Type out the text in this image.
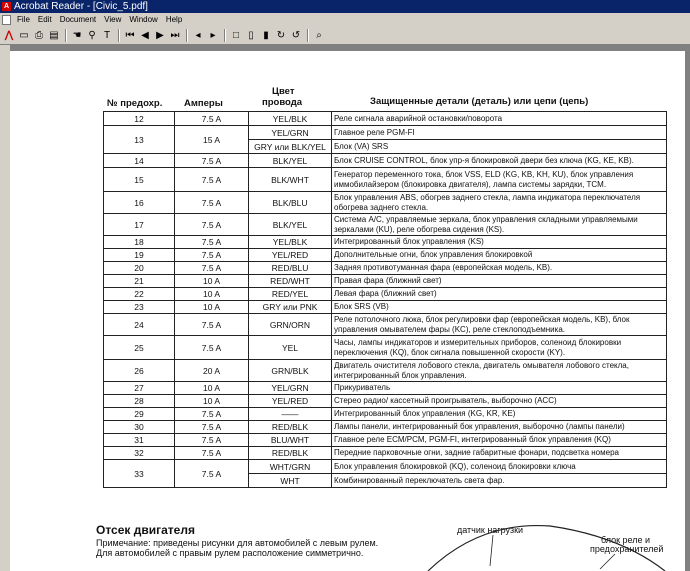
A Acrobat Reader - [Civic_5.pdf]
File	Edit	Document	View	Window	Help
⋀ ▭ ⎙ ▤ ☚ ⚲ T	⏮ ◀ ▶ ⏭	◂ ▸	□ ▯ ▮ ↻ ↺	⌕
№ предохр. Амперы
Цвет
провода	Защищенные детали (деталь) или цепи (цепь)
12	7.5 A	YEL/BLK	Реле сигнала аварийной остановки/поворота
13	15 A	YEL/GRN	Главное реле PGM-FI
		GRY или BLK/YEL	Блок (VA) SRS
14	7.5 A	BLK/YEL	Блок CRUISE CONTROL, блок упр-я блокировкой двери без ключа (KG, KE, KB).
15	7.5 A	BLK/WHT	Генератор переменного тока, блок VSS, ELD (KG, KB, KH, KU), блок управления иммобилайзером (блокировка двигателя), лампа системы зарядки, TCM.
16	7.5 A	BLK/BLU	Блок управления ABS, обогрев заднего стекла, лампа индикатора переключателя обогрева заднего стекла.
17	7.5 A	BLK/YEL	Система A/C, управляемые зеркала, блок управления складными управляемыми зеркалами (KU), реле обогрева сидения (KS).
18	7.5 A	YEL/BLK	Интегрированный блок управления (KS)
19	7.5 A	YEL/RED	Дополнительные огни, блок управления блокировкой
20	7.5 A	RED/BLU	Задняя противотуманная фара (европейская модель, KB).
21	10 A	RED/WHT	Правая фара (ближний свет)
22	10 A	RED/YEL	Левая фара (ближний свет)
23	10 A	GRY или PNK	Блок SRS (VB)
24	7.5 A	GRN/ORN	Реле потолочного люка, блок регулировки фар (европейская модель, KB), блок управления омывателем фары (KC), реле стеклоподъемника.
25	7.5 A	YEL	Часы, лампы индикаторов и измерительных приборов, соленоид блокировки переключения (KQ), блок сигнала повышенной скорости (KY).
26	20 A	GRN/BLK	Двигатель очистителя лобового стекла, двигатель омывателя лобового стекла, интегрированный блок управления.
27	10 A	YEL/GRN	Прикуриватель
28	10 A	YEL/RED	Стерео радио/ кассетный проигрыватель, выборочно (ACC)
29	7.5 A	——	Интегрированный блок управления (KG, KR, KE)
30	7.5 A	RED/BLK	Лампы панели, интегрированный бок управления, выборочно (лампы панели)
31	7.5 A	BLU/WHT	Главное реле ECM/PCM, PGM-FI, интегрированный блок управления (KQ)
32	7.5 A	RED/BLK	Передние парковочные огни, задние габаритные фонари, подсветка номера
33	7.5 A	WHT/GRN	Блок управления блокировкой (KQ), соленоид блокировки ключа
		WHT	Комбинированный переключатель света фар.
Отсек двигателя
Примечание: приведены рисунки для автомобилей с левым рулем.
Для автомобилей с правым рулем расположение симметрично.
датчик нагрузки
блок реле и
предохранителей
